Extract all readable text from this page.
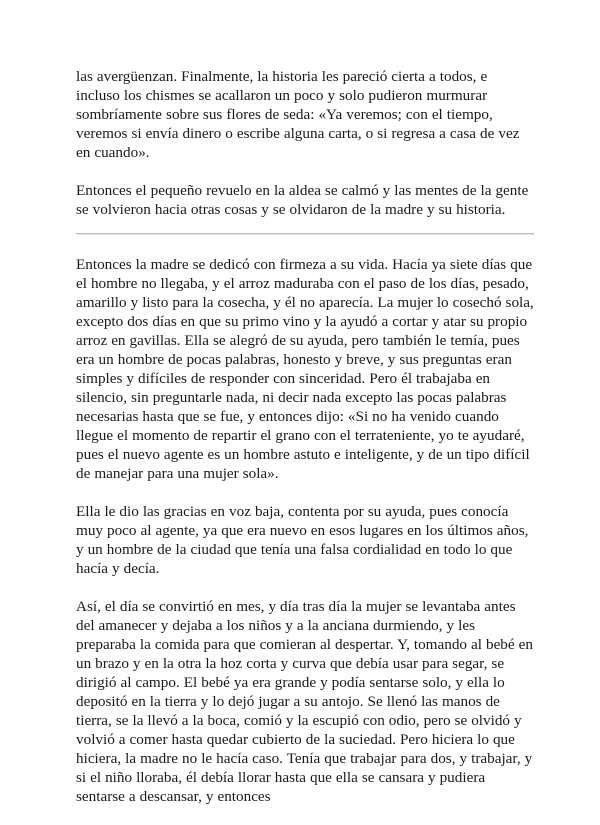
las avergüenzan. Finalmente, la historia les pareció cierta a todos, e incluso los chismes se acallaron un poco y solo pudieron murmurar sombríamente sobre sus flores de seda: «Ya veremos; con el tiempo, veremos si envía dinero o escribe alguna carta, o si regresa a casa de vez en cuando».

Entonces el pequeño revuelo en la aldea se calmó y las mentes de la gente se volvieron hacia otras cosas y se olvidaron de la madre y su historia.

Entonces la madre se dedicó con firmeza a su vida. Hacía ya siete días que el hombre no llegaba, y el arroz maduraba con el paso de los días, pesado, amarillo y listo para la cosecha, y él no aparecía. La mujer lo cosechó sola, excepto dos días en que su primo vino y la ayudó a cortar y atar su propio arroz en gavillas. Ella se alegró de su ayuda, pero también le temía, pues era un hombre de pocas palabras, honesto y breve, y sus preguntas eran simples y difíciles de responder con sinceridad. Pero él trabajaba en silencio, sin preguntarle nada, ni decir nada excepto las pocas palabras necesarias hasta que se fue, y entonces dijo: «Si no ha venido cuando llegue el momento de repartir el grano con el terrateniente, yo te ayudaré, pues el nuevo agente es un hombre astuto e inteligente, y de un tipo difícil de manejar para una mujer sola».

Ella le dio las gracias en voz baja, contenta por su ayuda, pues conocía muy poco al agente, ya que era nuevo en esos lugares en los últimos años, y un hombre de la ciudad que tenía una falsa cordialidad en todo lo que hacía y decía.

Así, el día se convirtió en mes, y día tras día la mujer se levantaba antes del amanecer y dejaba a los niños y a la anciana durmiendo, y les preparaba la comida para que comieran al despertar. Y, tomando al bebé en un brazo y en la otra la hoz corta y curva que debía usar para segar, se dirigió al campo. El bebé ya era grande y podía sentarse solo, y ella lo depositó en la tierra y lo dejó jugar a su antojo. Se llenó las manos de tierra, se la llevó a la boca, comió y la escupió con odio, pero se olvidó y volvió a comer hasta quedar cubierto de la suciedad. Pero hiciera lo que hiciera, la madre no le hacía caso. Tenía que trabajar para dos, y trabajar, y si el niño lloraba, él debía llorar hasta que ella se cansara y pudiera sentarse a descansar, y entonces
